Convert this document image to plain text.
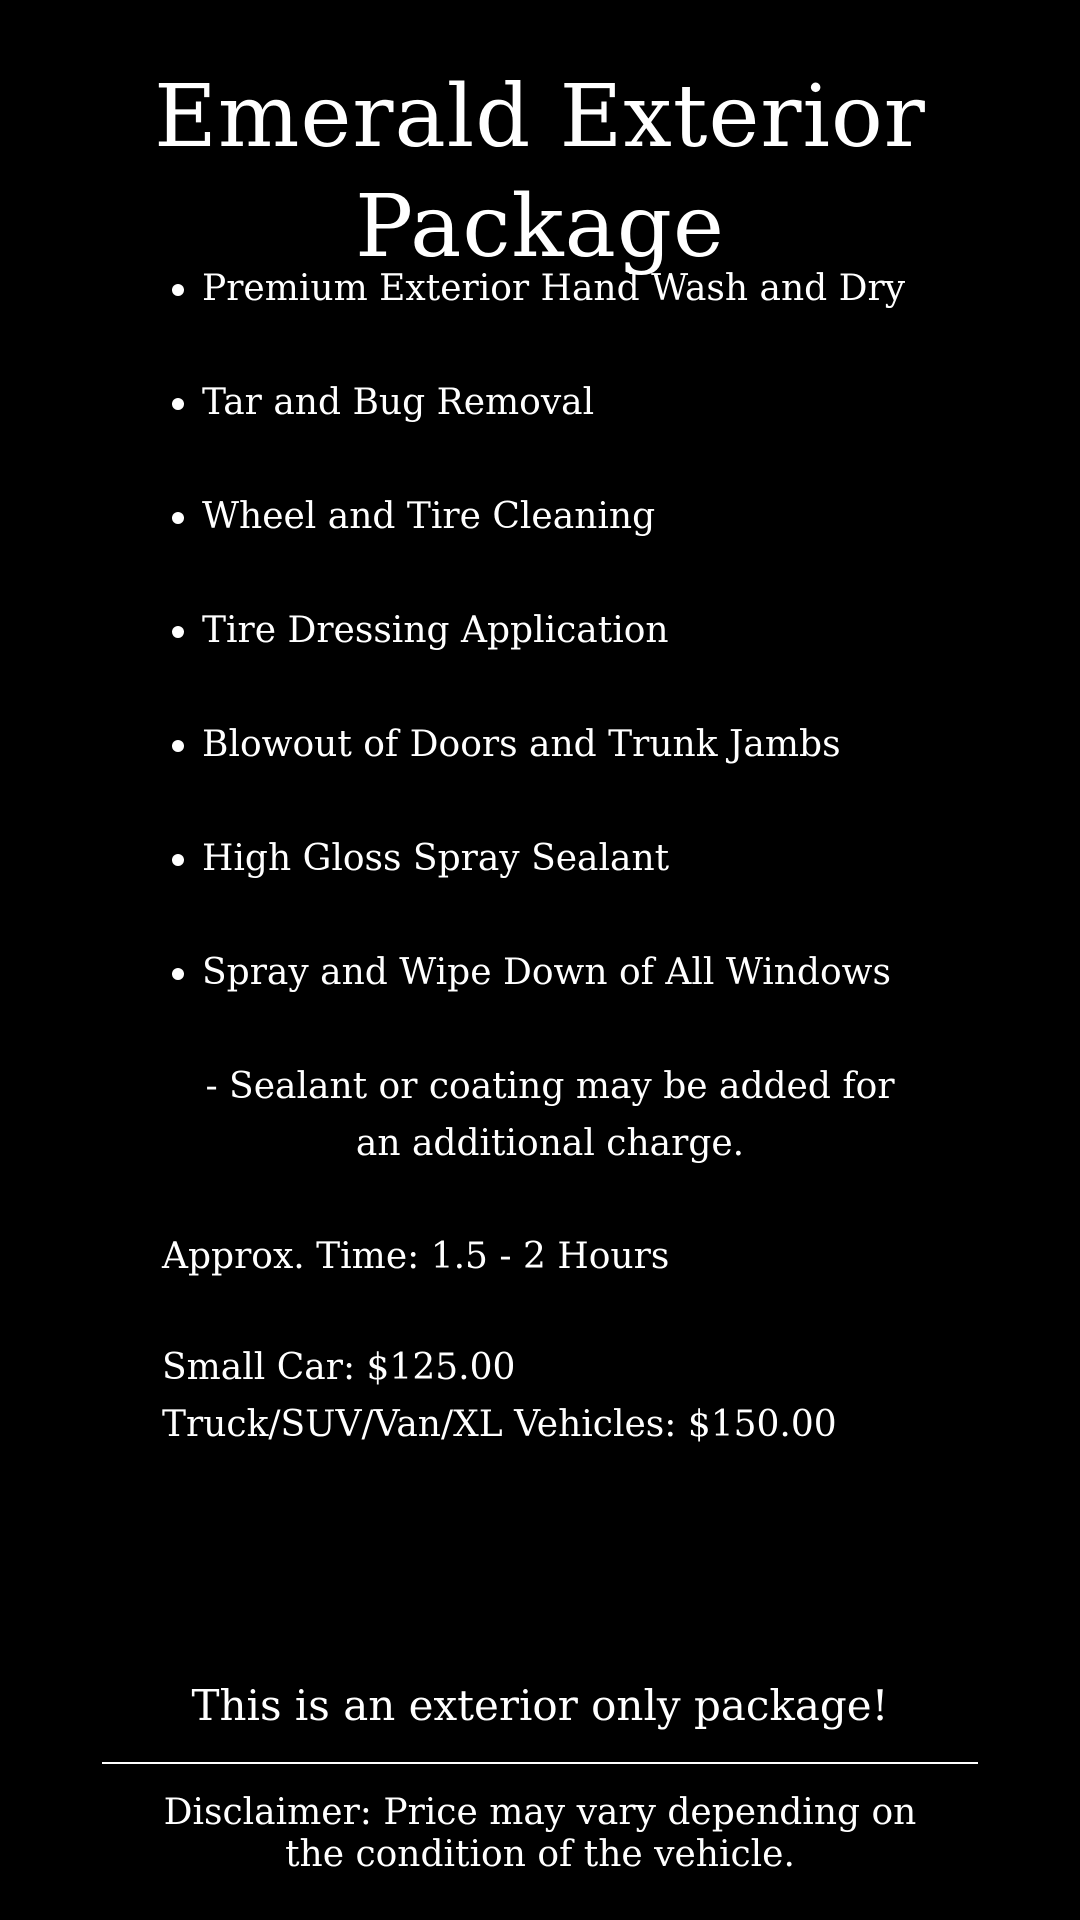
Emerald Exterior Package
Premium Exterior Hand Wash and Dry
Tar and Bug Removal
Wheel and Tire Cleaning
Tire Dressing Application
Blowout of Doors and Trunk Jambs
High Gloss Spray Sealant
Spray and Wipe Down of All Windows

- Sealant or coating may be added for an additional charge.

Approx. Time: 1.5 - 2 Hours

Small Car: $125.00

Truck/SUV/Van/XL Vehicles: $150.00

This is an exterior only package!

Disclaimer: Price may vary depending on the condition of the vehicle.
